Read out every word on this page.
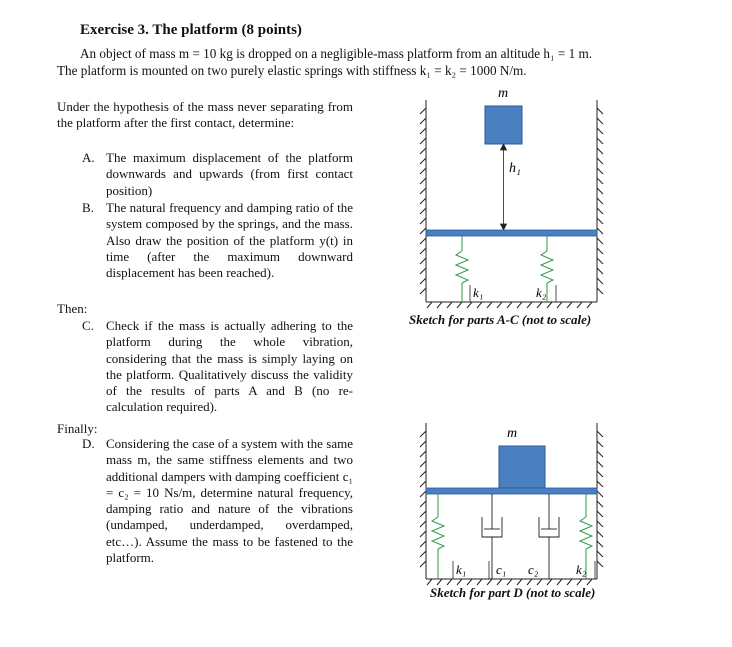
Exercise 3. The platform (8 points)
An object of mass m = 10 kg is dropped on a negligible-mass platform from an altitude h₁ = 1 m.
The platform is mounted on two purely elastic springs with stiffness k₁ = k₂ = 1000 N/m.
Under the hypothesis of the mass never separating from the platform after the first contact, determine:
A. The maximum displacement of the platform downwards and upwards (from first contact position)
B. The natural frequency and damping ratio of the system composed by the springs, and the mass. Also draw the position of the platform y(t) in time (after the maximum downward displacement has been reached).
Then:
C. Check if the mass is actually adhering to the platform during the whole vibration, considering that the mass is simply laying on the platform. Qualitatively discuss the validity of the results of parts A and B (no re-calculation required).
Finally:
D. Considering the case of a system with the same mass m, the same stiffness elements and two additional dampers with damping coefficient c₁ = c₂ = 10 Ns/m, determine natural frequency, damping ratio and nature of the vibrations (undamped, underdamped, overdamped, etc…). Assume the mass to be fastened to the platform.
m
h₁
k₁	k₂
Sketch for parts A-C (not to scale)
m
k₁ c₁ c₂	k₂
Sketch for part D (not to scale)
